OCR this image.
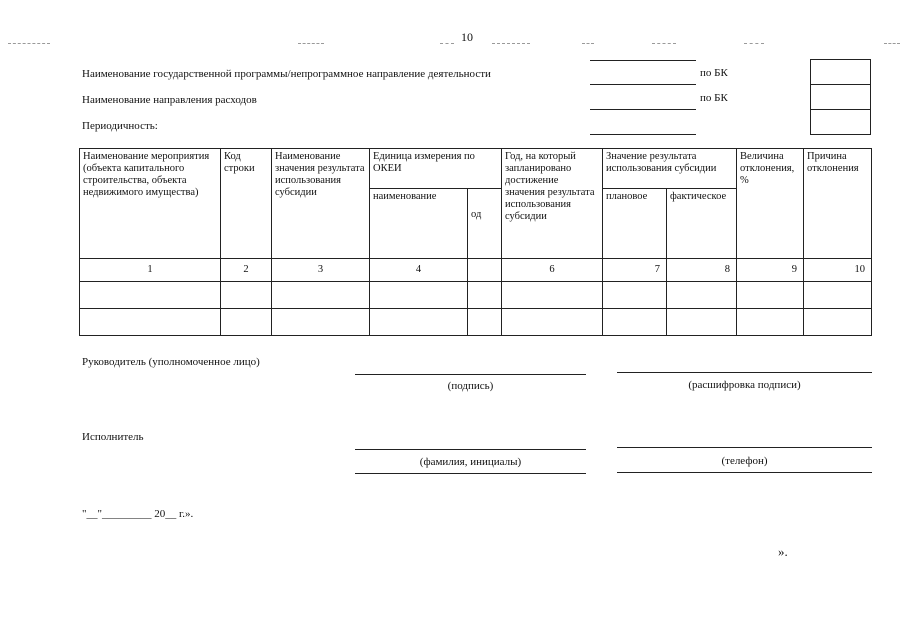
10
Наименование государственной программы/непрограммное направление деятельности
Наименование направления расходов
Периодичность:
по БК
по БК
Наименование мероприятия (объекта капитального строительства, объекта недвижимого имущества)	Код строки	Наименование значения результата использования субсидии	Единица измерения по ОКЕИ		Год, на который запланировано достижение значения результата использования субсидии	Значение результата использования субсидии		Величина отклонения, %	Причина отклонения
			наименование	од		плановое	фактическое		
1	2	3	4		6	7	8	9	10

Руководитель (уполномоченное лицо)
(подпись)	(расшифровка подписи)
Исполнитель
(фамилия, инициалы)	(телефон)
"__"_________ 20__ г.».
».
